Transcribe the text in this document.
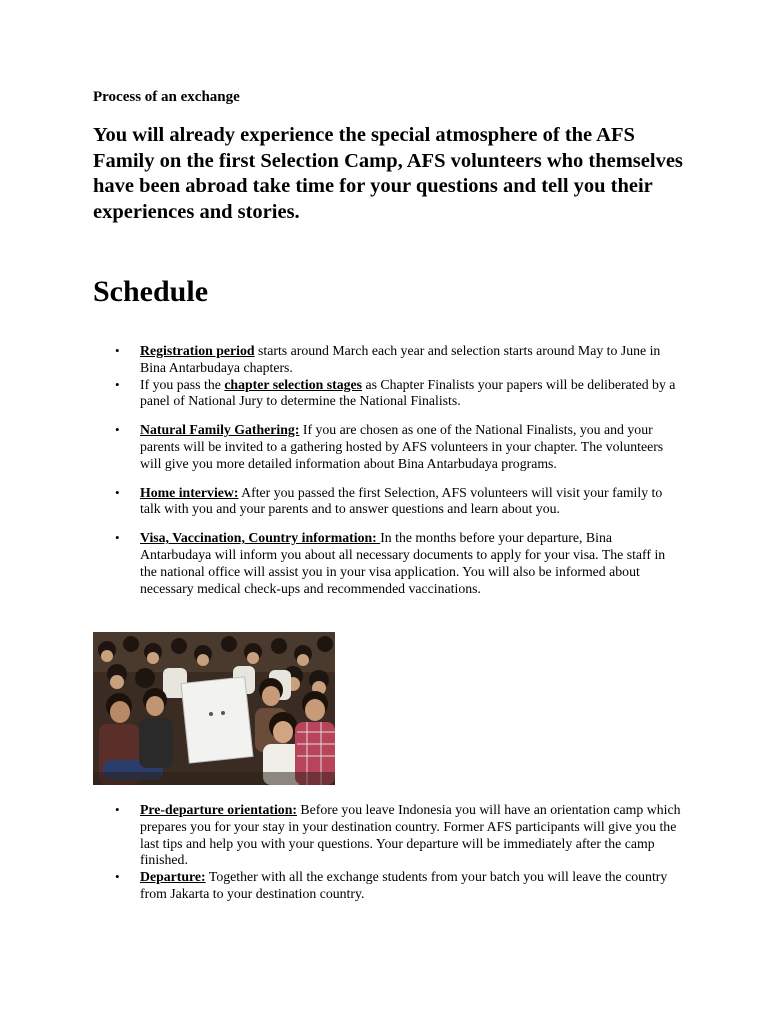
Process of an exchange
You will already experience the special atmosphere of the AFS Family on the first Selection Camp, AFS volunteers who themselves have been abroad take time for your questions and tell you their experiences and stories.
Schedule
• Registration period starts around March each year and selection starts around May to June in Bina Antarbudaya chapters.
• If you pass the chapter selection stages as Chapter Finalists your papers will be deliberated by a panel of National Jury to determine the National Finalists.
• Natural Family Gathering: If you are chosen as one of the National Finalists, you and your parents will be invited to a gathering hosted by AFS volunteers in your chapter. The volunteers will give you more detailed information about Bina Antarbudaya programs.
• Home interview: After you passed the first Selection, AFS volunteers will visit your family to talk with you and your parents and to answer questions and learn about you.
• Visa, Vaccination, Country information: In the months before your departure, Bina Antarbudaya will inform you about all necessary documents to apply for your visa. The staff in the national office will assist you in your visa application. You will also be informed about necessary medical check-ups and recommended vaccinations.
• Pre-departure orientation: Before you leave Indonesia you will have an orientation camp which prepares you for your stay in your destination country. Former AFS participants will give you the last tips and help you with your questions. Your departure will be immediately after the camp finished.
• Departure: Together with all the exchange students from your batch you will leave the country from Jakarta to your destination country.
